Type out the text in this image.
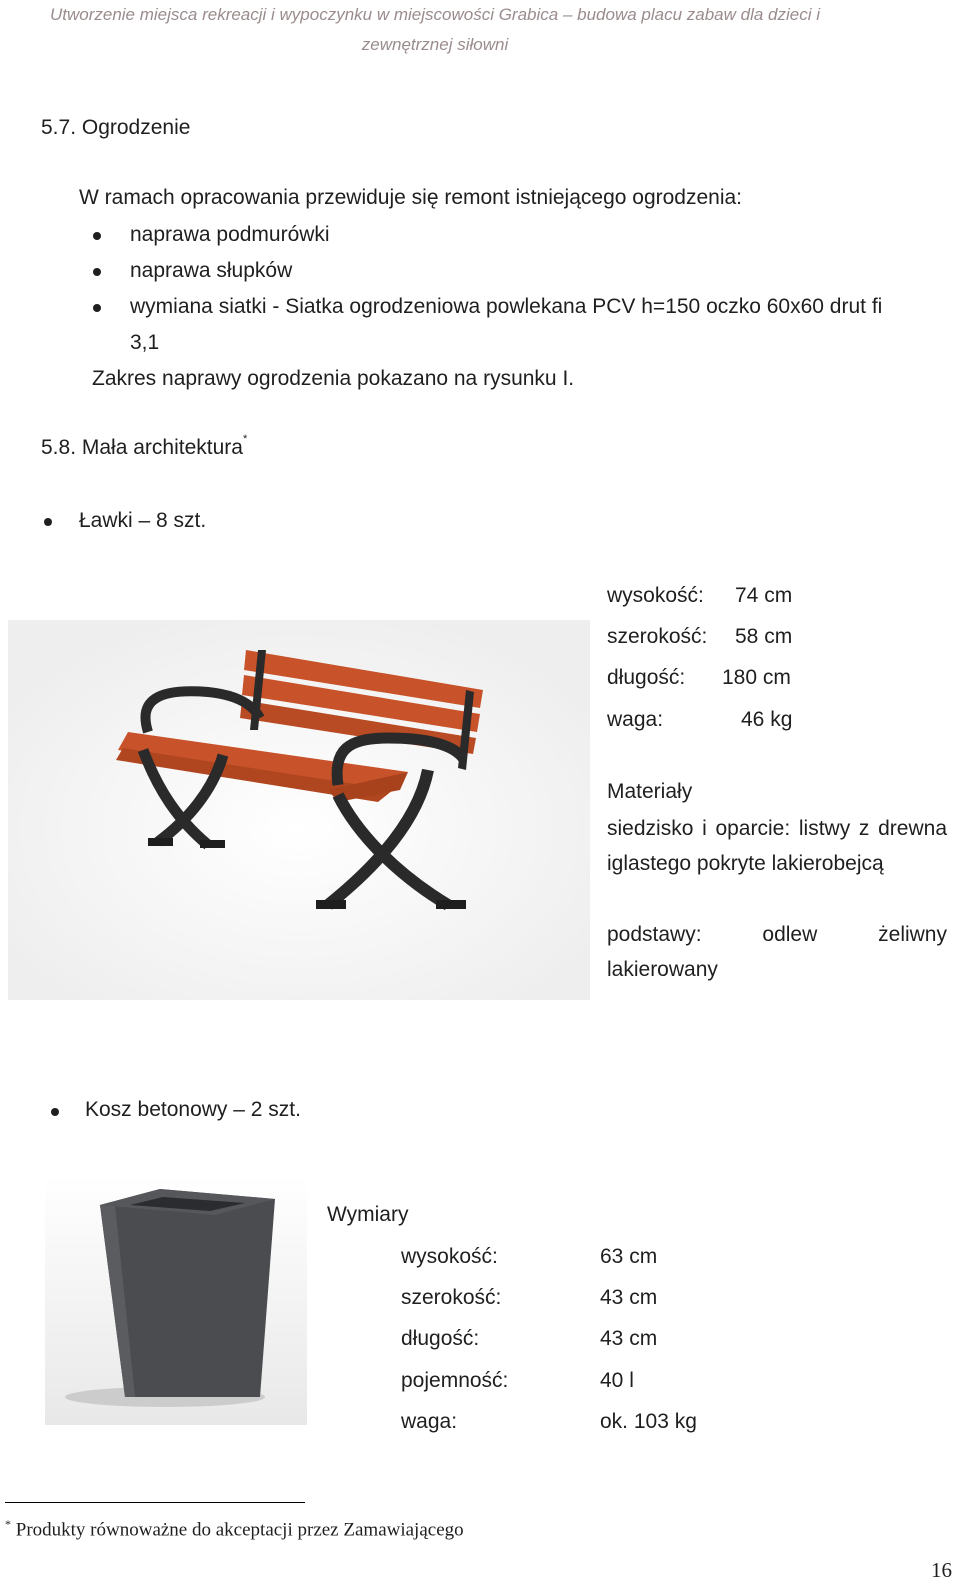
Utworzenie miejsca rekreacji i wypoczynku w miejscowości Grabica – budowa placu zabaw dla dzieci i
zewnętrznej siłowni
5.7. Ogrodzenie
W ramach opracowania przewiduje się remont istniejącego ogrodzenia:
naprawa podmurówki
naprawa słupków
wymiana siatki - Siatka ogrodzeniowa powlekana PCV h=150 oczko 60x60 drut fi
3,1
Zakres naprawy ogrodzenia pokazano na rysunku I.
5.8. Mała architektura*
Ławki – 8 szt.
wysokość: 74 cm
szerokość: 58 cm
długość: 180 cm
waga:	46 kg
Materiały
siedzisko i oparcie: listwy z drewna iglastego pokryte lakierobejcą
podstawy: odlew żeliwny lakierowany
Kosz betonowy – 2 szt.
Wymiary
wysokość:	63 cm
szerokość:	43 cm
długość:	43 cm
pojemność:	40 l
waga:	ok. 103 kg
* Produkty równoważne do akceptacji przez Zamawiającego
16
